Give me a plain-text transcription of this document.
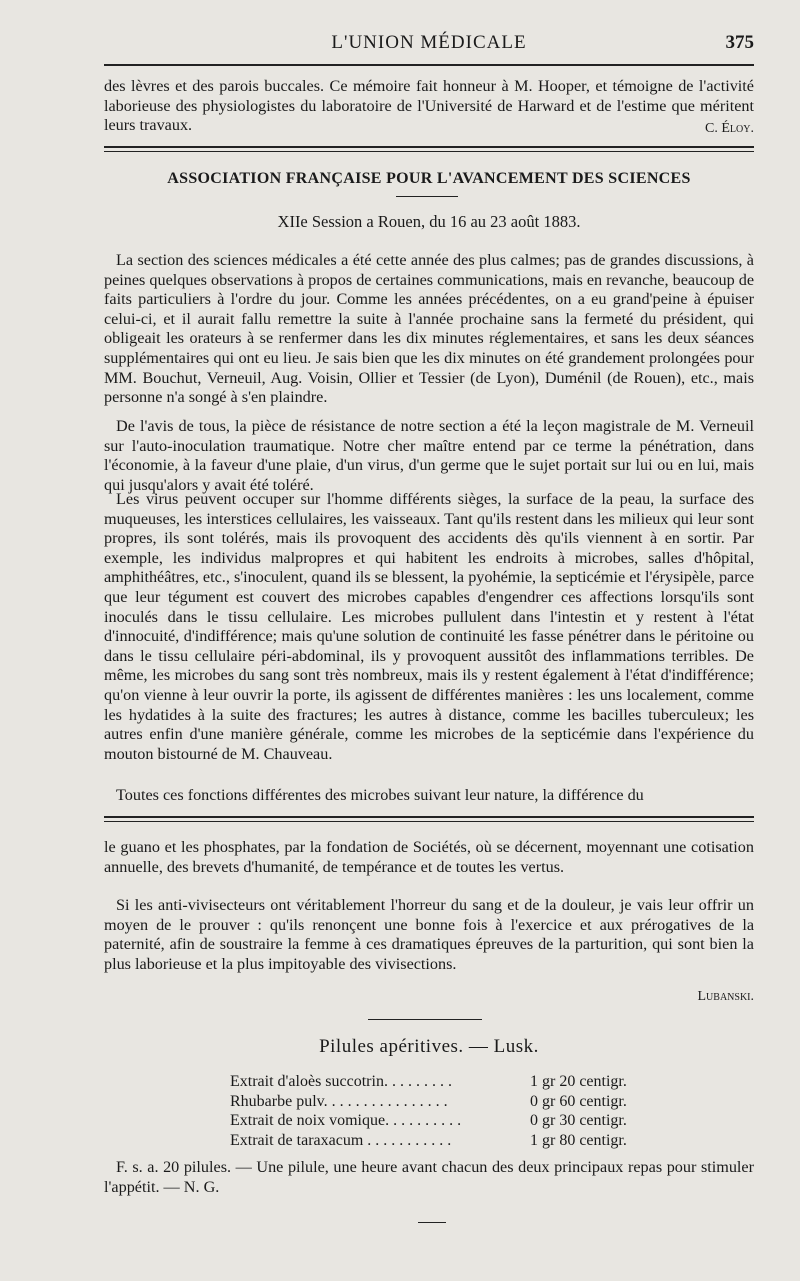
L'UNION MÉDICALE	375

des lèvres et des parois buccales. Ce mémoire fait honneur à M. Hooper, et témoigne de l'activité laborieuse des physiologistes du laboratoire de l'Université de Harward et de l'estime que méritent leurs travaux.	C. Éloy.

ASSOCIATION FRANÇAISE POUR L'AVANCEMENT DES SCIENCES
XIIe Session a Rouen, du 16 au 23 août 1883.

La section des sciences médicales a été cette année des plus calmes; pas de grandes discussions, à peines quelques observations à propos de certaines communications, mais en revanche, beaucoup de faits particuliers à l'ordre du jour. Comme les années précédentes, on a eu grand'peine à épuiser celui-ci, et il aurait fallu remettre la suite à l'année prochaine sans la fermeté du président, qui obligeait les orateurs à se renfermer dans les dix minutes réglementaires, et sans les deux séances supplémentaires qui ont eu lieu. Je sais bien que les dix minutes on été grandement prolongées pour MM. Bouchut, Verneuil, Aug. Voisin, Ollier et Tessier (de Lyon), Duménil (de Rouen), etc., mais personne n'a songé à s'en plaindre.

De l'avis de tous, la pièce de résistance de notre section a été la leçon magistrale de M. Verneuil sur l'auto-inoculation traumatique. Notre cher maître entend par ce terme la pénétration, dans l'économie, à la faveur d'une plaie, d'un virus, d'un germe que le sujet portait sur lui ou en lui, mais qui jusqu'alors y avait été toléré.

Les virus peuvent occuper sur l'homme différents sièges, la surface de la peau, la surface des muqueuses, les interstices cellulaires, les vaisseaux. Tant qu'ils restent dans les milieux qui leur sont propres, ils sont tolérés, mais ils provoquent des accidents dès qu'ils viennent à en sortir. Par exemple, les individus malpropres et qui habitent les endroits à microbes, salles d'hôpital, amphithéâtres, etc., s'inoculent, quand ils se blessent, la pyohémie, la septicémie et l'érysipèle, parce que leur tégument est couvert des microbes capables d'engendrer ces affections lorsqu'ils sont inoculés dans le tissu cellulaire. Les microbes pullulent dans l'intestin et y restent à l'état d'innocuité, d'indifférence; mais qu'une solution de continuité les fasse pénétrer dans le péritoine ou dans le tissu cellulaire péri-abdominal, ils y provoquent aussitôt des inflammations terribles. De même, les microbes du sang sont très nombreux, mais ils y restent également à l'état d'indifférence; qu'on vienne à leur ouvrir la porte, ils agissent de différentes manières : les uns localement, comme les hydatides à la suite des fractures; les autres à distance, comme les bacilles tuberculeux; les autres enfin d'une manière générale, comme les microbes de la septicémie dans l'expérience du mouton bistourné de M. Chauveau.

Toutes ces fonctions différentes des microbes suivant leur nature, la différence du

le guano et les phosphates, par la fondation de Sociétés, où se décernent, moyennant une cotisation annuelle, des brevets d'humanité, de tempérance et de toutes les vertus.

Si les anti-vivisecteurs ont véritablement l'horreur du sang et de la douleur, je vais leur offrir un moyen de le prouver : qu'ils renonçent une bonne fois à l'exercice et aux prérogatives de la paternité, afin de soustraire la femme à ces dramatiques épreuves de la parturition, qui sont bien la plus laborieuse et la plus impitoyable des vivisections.

Lubanski.

Pilules apéritives. — Lusk.
Extrait d'aloès succotrin. . . . . . . . .	1 gr 20 centigr.
Rhubarbe pulv. . . . . . . . . . . . . . . .	0 gr 60 centigr.
Extrait de noix vomique. . . . . . . . . .	0 gr 30 centigr.
Extrait de taraxacum . . . . . . . . . . .	1 gr 80 centigr.

F. s. a. 20 pilules. — Une pilule, une heure avant chacun des deux principaux repas pour stimuler l'appétit. — N. G.
